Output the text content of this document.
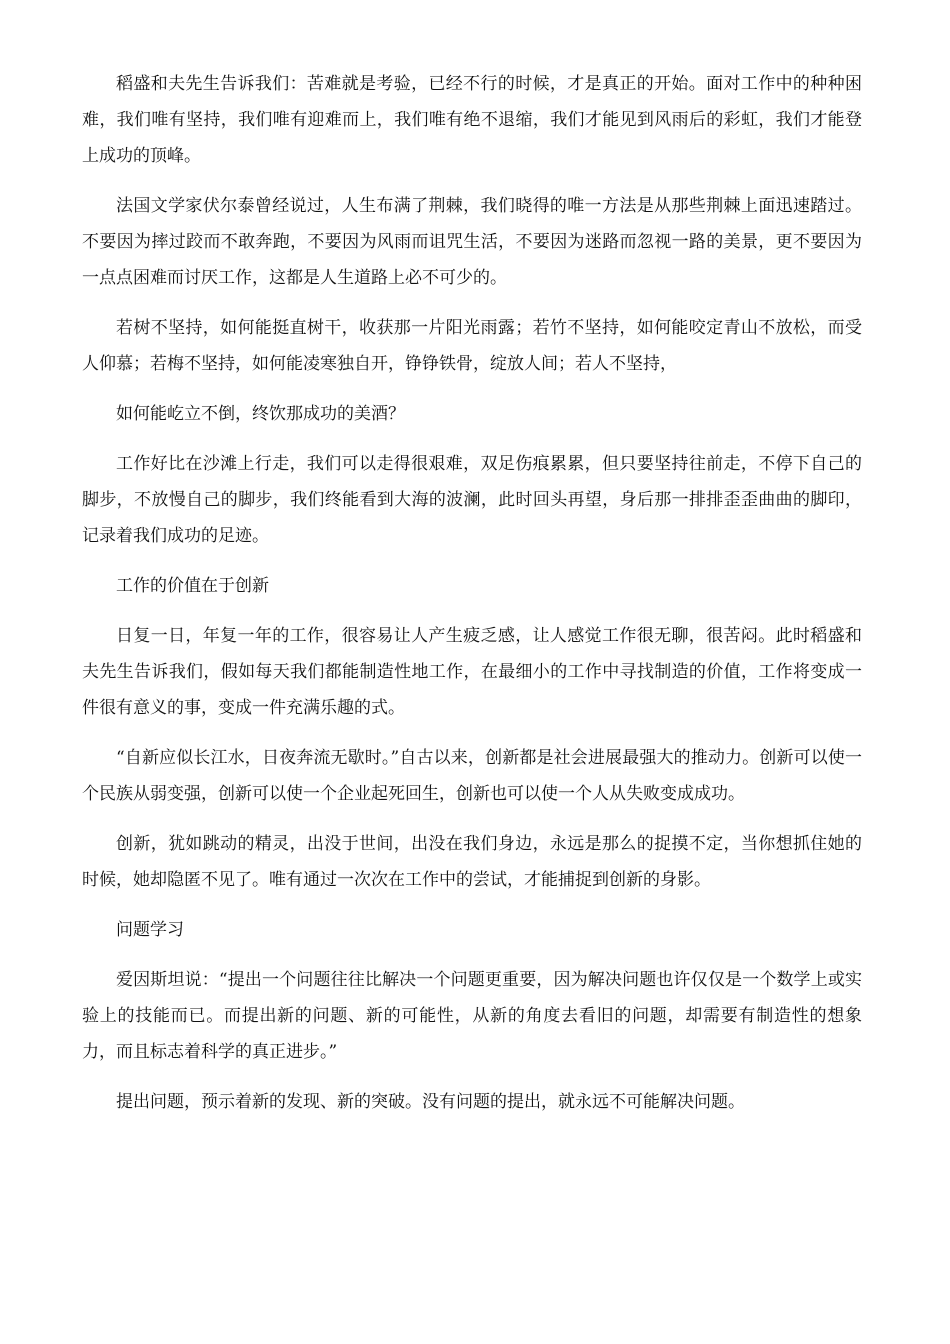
稻盛和夫先生告诉我们：苦难就是考验，已经不行的时候，才是真正的开始。面对工作中的种种困难，我们唯有坚持，我们唯有迎难而上，我们唯有绝不退缩，我们才能见到风雨后的彩虹，我们才能登上成功的顶峰。

法国文学家伏尔泰曾经说过，人生布满了荆棘，我们晓得的唯一方法是从那些荆棘上面迅速踏过。不要因为摔过跤而不敢奔跑，不要因为风雨而诅咒生活，不要因为迷路而忽视一路的美景，更不要因为一点点困难而讨厌工作，这都是人生道路上必不可少的。

若树不坚持，如何能挺直树干，收获那一片阳光雨露；若竹不坚持，如何能咬定青山不放松，而受人仰慕；若梅不坚持，如何能凌寒独自开，铮铮铁骨，绽放人间；若人不坚持，

如何能屹立不倒，终饮那成功的美酒？

工作好比在沙滩上行走，我们可以走得很艰难，双足伤痕累累，但只要坚持往前走，不停下自己的脚步，不放慢自己的脚步，我们终能看到大海的波澜，此时回头再望，身后那一排排歪歪曲曲的脚印，记录着我们成功的足迹。

工作的价值在于创新

日复一日，年复一年的工作，很容易让人产生疲乏感，让人感觉工作很无聊，很苦闷。此时稻盛和夫先生告诉我们，假如每天我们都能制造性地工作，在最细小的工作中寻找制造的价值，工作将变成一件很有意义的事，变成一件充满乐趣的式。

“自新应似长江水，日夜奔流无歇时。”自古以来，创新都是社会进展最强大的推动力。创新可以使一个民族从弱变强，创新可以使一个企业起死回生，创新也可以使一个人从失败变成成功。

创新，犹如跳动的精灵，出没于世间，出没在我们身边，永远是那么的捉摸不定，当你想抓住她的时候，她却隐匿不见了。唯有通过一次次在工作中的尝试，才能捕捉到创新的身影。

问题学习

爱因斯坦说：“提出一个问题往往比解决一个问题更重要，因为解决问题也许仅仅是一个数学上或实验上的技能而已。而提出新的问题、新的可能性，从新的角度去看旧的问题，却需要有制造性的想象力，而且标志着科学的真正进步。”

提出问题，预示着新的发现、新的突破。没有问题的提出，就永远不可能解决问题。
